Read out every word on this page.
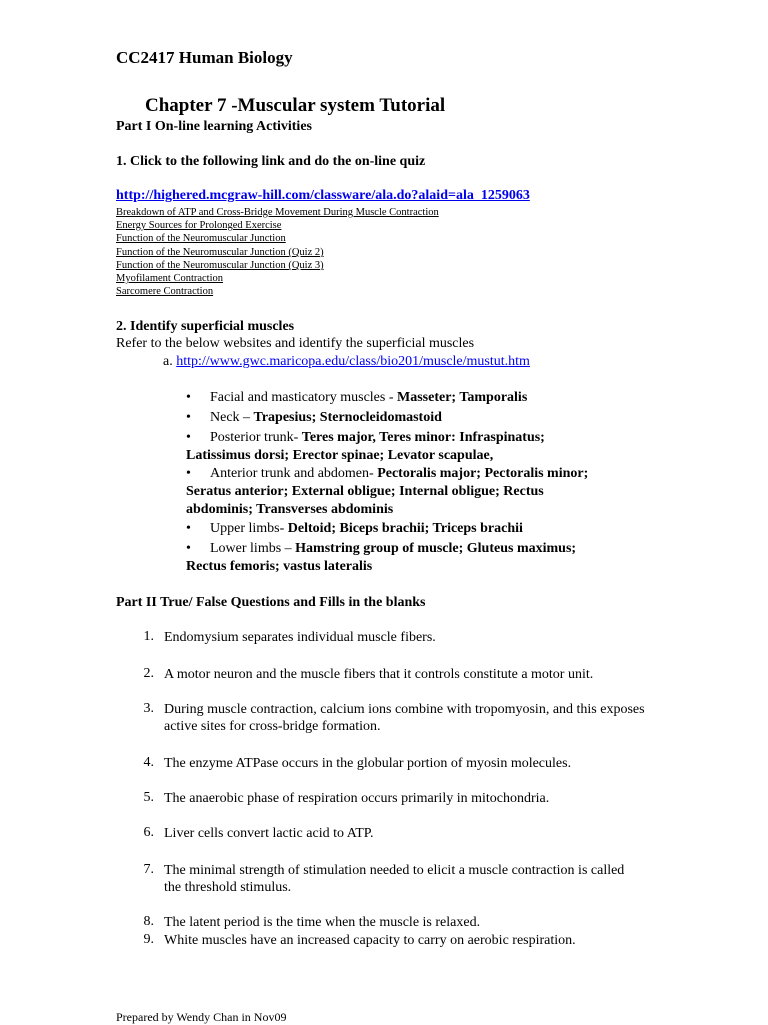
CC2417 Human Biology
Chapter 7 -Muscular system Tutorial
Part I On-line learning Activities
1. Click to the following link and do the on-line quiz
http://highered.mcgraw-hill.com/classware/ala.do?alaid=ala_1259063
Breakdown of ATP and Cross-Bridge Movement During Muscle Contraction
Energy Sources for Prolonged Exercise
Function of the Neuromuscular Junction
Function of the Neuromuscular Junction (Quiz 2)
Function of the Neuromuscular Junction (Quiz 3)
Myofilament Contraction
Sarcomere Contraction
2. Identify superficial muscles
Refer to the below websites and identify the superficial muscles
a. http://www.gwc.maricopa.edu/class/bio201/muscle/mustut.htm
• Facial and masticatory muscles - Masseter; Tamporalis
• Neck – Trapesius; Sternocleidomastoid
• Posterior trunk- Teres major, Teres minor: Infraspinatus;
Latissimus dorsi; Erector spinae; Levator scapulae,
• Anterior trunk and abdomen- Pectoralis major; Pectoralis minor;
Seratus anterior; External obligue; Internal obligue; Rectus
abdominis; Transverses abdominis
• Upper limbs- Deltoid; Biceps brachii; Triceps brachii
• Lower limbs – Hamstring group of muscle; Gluteus maximus;
Rectus femoris; vastus lateralis
Part II True/ False Questions and Fills in the blanks
1. Endomysium separates individual muscle fibers.
2. A motor neuron and the muscle fibers that it controls constitute a motor unit.
3. During muscle contraction, calcium ions combine with tropomyosin, and this exposes active sites for cross-bridge formation.
4. The enzyme ATPase occurs in the globular portion of myosin molecules.
5. The anaerobic phase of respiration occurs primarily in mitochondria.
6. Liver cells convert lactic acid to ATP.
7. The minimal strength of stimulation needed to elicit a muscle contraction is called the threshold stimulus.
8. The latent period is the time when the muscle is relaxed.
9. White muscles have an increased capacity to carry on aerobic respiration.
Prepared by Wendy Chan in Nov09
